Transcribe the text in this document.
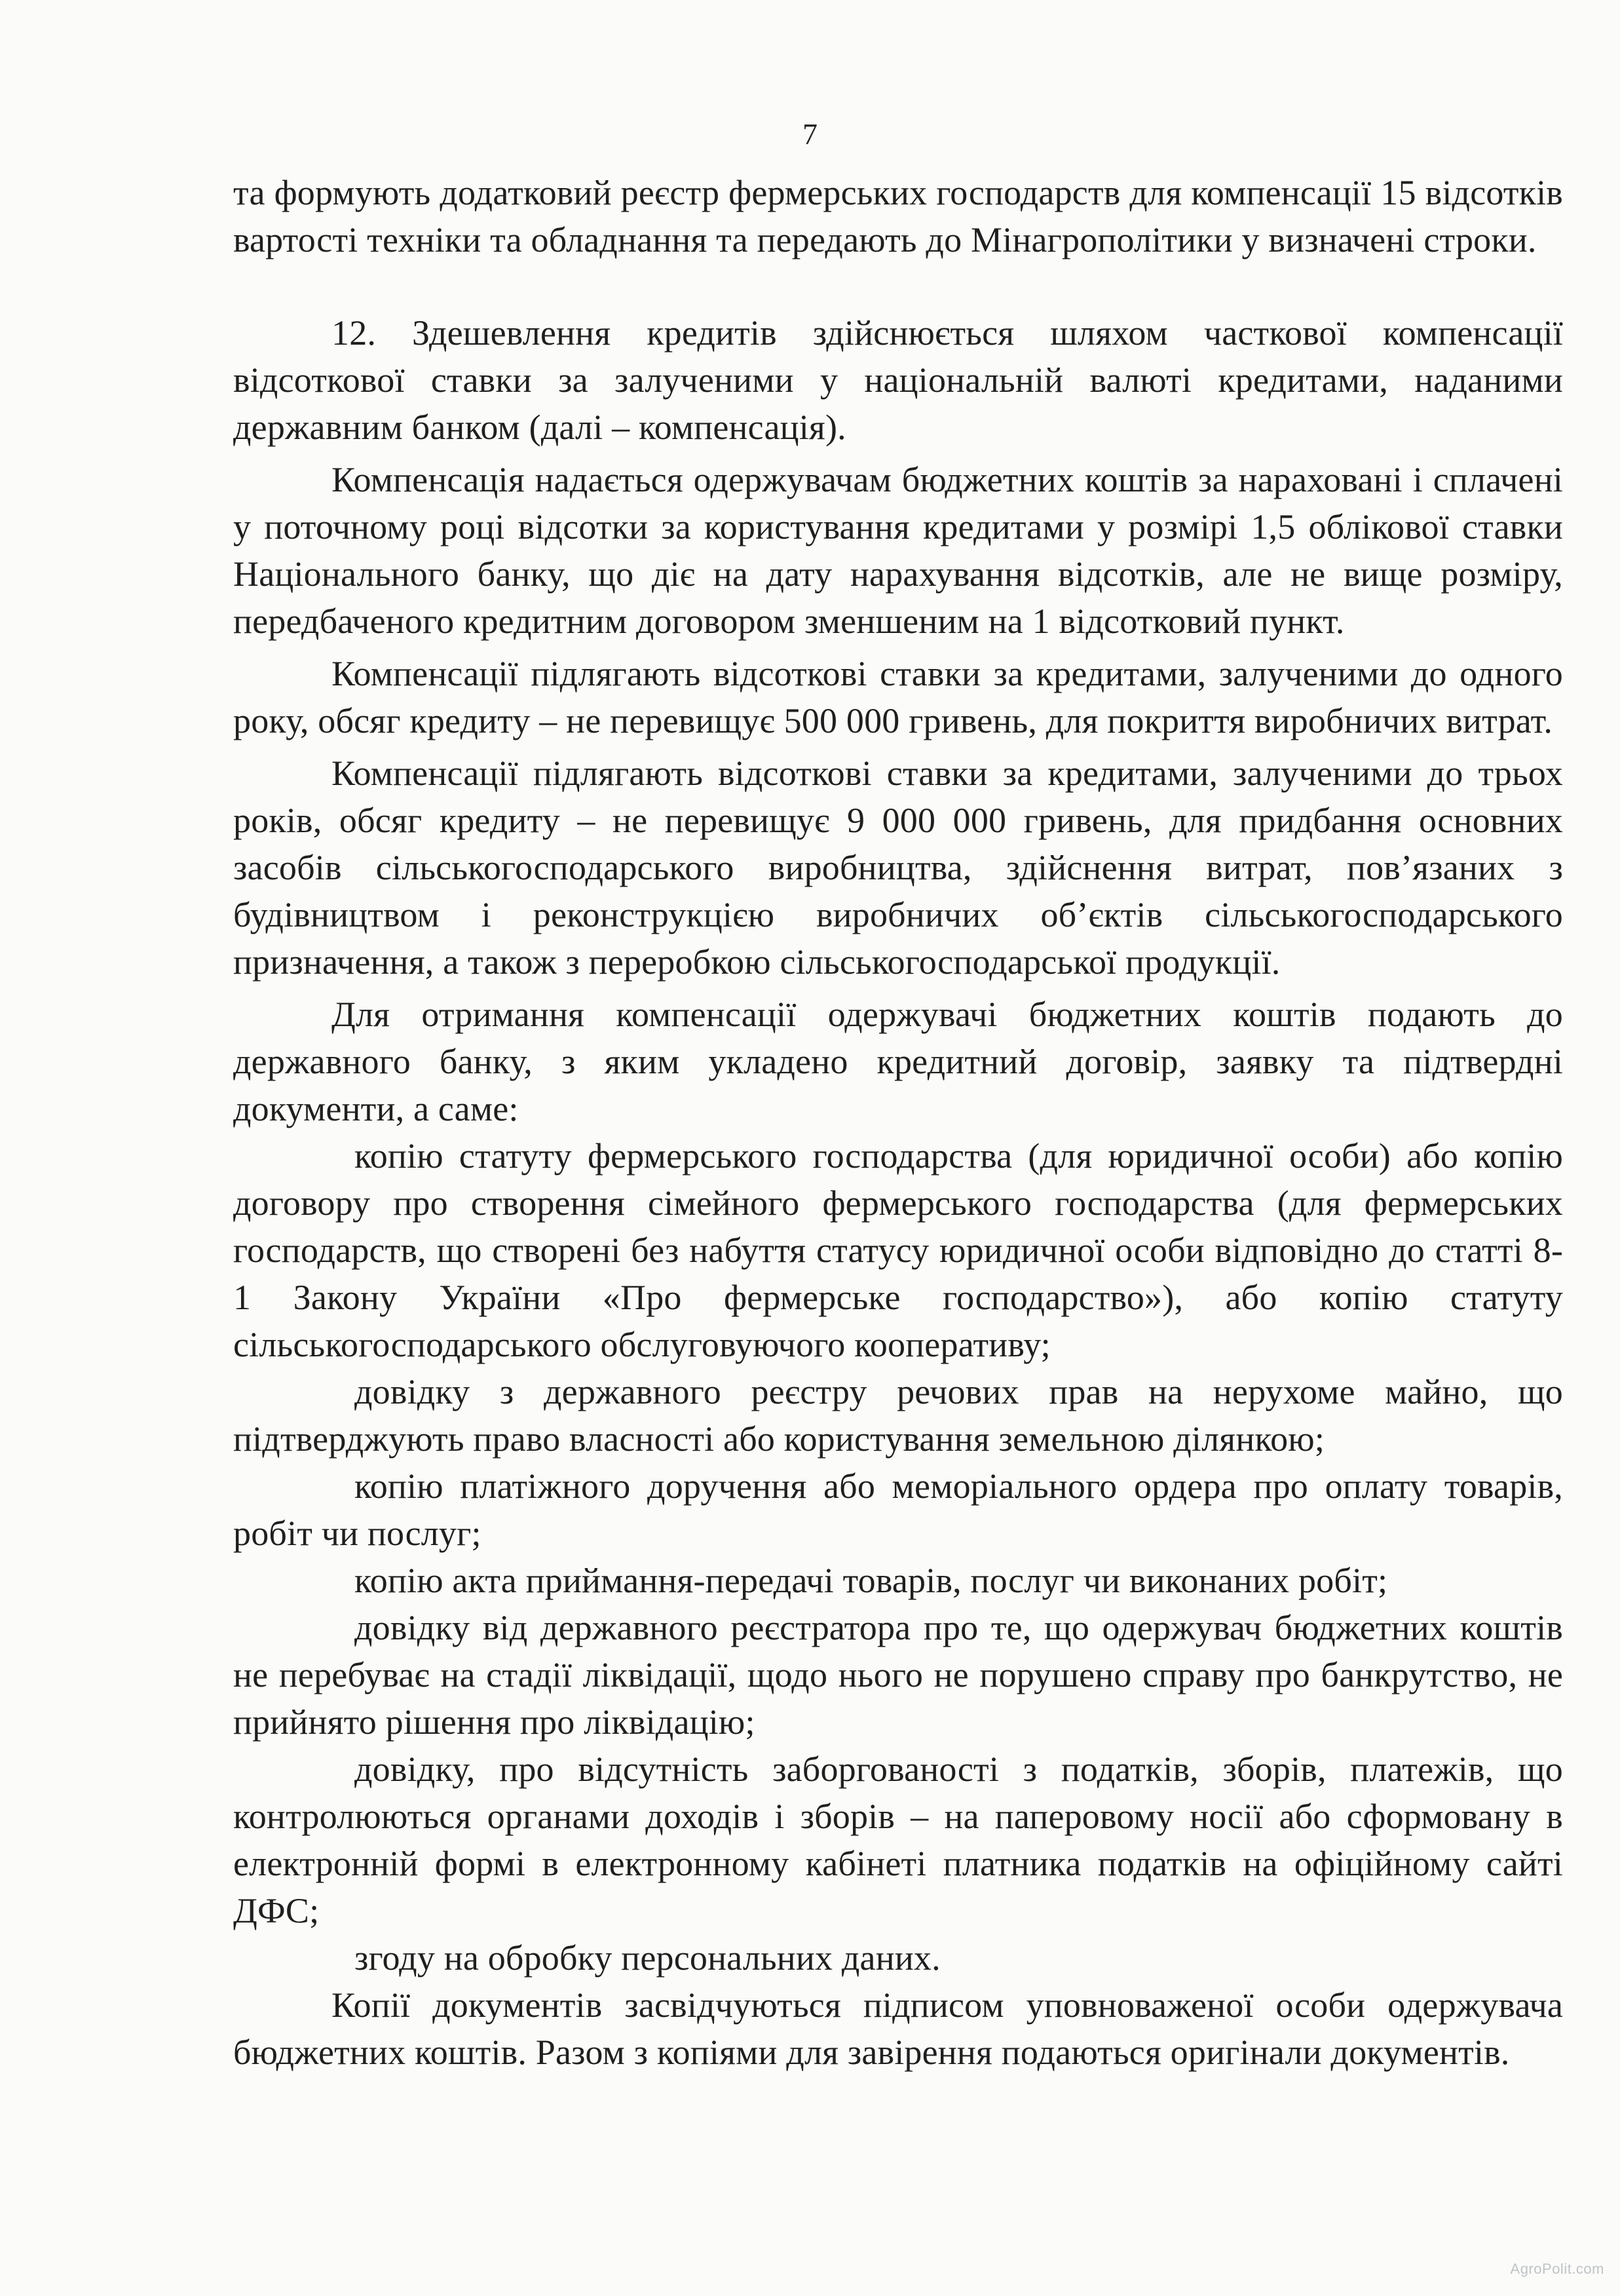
7

та формують додатковий реєстр фермерських господарств для компенсації 15 відсотків вартості техніки та обладнання та передають до Мінагрополітики у визначені строки.

12. Здешевлення кредитів здійснюється шляхом часткової компенсації відсоткової ставки за залученими у національній валюті кредитами, наданими державним банком (далі – компенсація).

Компенсація надається одержувачам бюджетних коштів за нараховані і сплачені у поточному році відсотки за користування кредитами у розмірі 1,5 облікової ставки Національного банку, що діє на дату нарахування відсотків, але не вище розміру, передбаченого кредитним договором зменшеним на 1 відсотковий пункт.

Компенсації підлягають відсоткові ставки за кредитами, залученими до одного року, обсяг кредиту – не перевищує 500 000 гривень, для покриття виробничих витрат.

Компенсації підлягають відсоткові ставки за кредитами, залученими до трьох років, обсяг кредиту – не перевищує 9 000 000 гривень, для придбання основних засобів сільськогосподарського виробництва, здійснення витрат, пов’язаних з будівництвом і реконструкцією виробничих об’єктів сільськогосподарського призначення, а також з переробкою сільськогосподарської продукції.

Для отримання компенсації одержувачі бюджетних коштів подають до державного банку, з яким укладено кредитний договір, заявку та підтвердні документи, а саме:

копію статуту фермерського господарства (для юридичної особи) або копію договору про створення сімейного фермерського господарства (для фермерських господарств, що створені без набуття статусу юридичної особи відповідно до статті 8-1 Закону України «Про фермерське господарство»), або копію статуту сільськогосподарського обслуговуючого кооперативу;

довідку з державного реєстру речових прав на нерухоме майно, що підтверджують право власності або користування земельною ділянкою;

копію платіжного доручення або меморіального ордера про оплату товарів, робіт чи послуг;

копію акта приймання-передачі товарів, послуг чи виконаних робіт;

довідку від державного реєстратора про те, що одержувач бюджетних коштів не перебуває на стадії ліквідації, щодо нього не порушено справу про банкрутство, не прийнято рішення про ліквідацію;

довідку, про відсутність заборгованості з податків, зборів, платежів, що контролюються органами доходів і зборів – на паперовому носії або сформовану в електронній формі в електронному кабінеті платника податків на офіційному сайті ДФС;

згоду на обробку персональних даних.

Копії документів засвідчуються підписом уповноваженої особи одержувача бюджетних коштів. Разом з копіями для завірення подаються оригінали документів.

AgroPolit.com
